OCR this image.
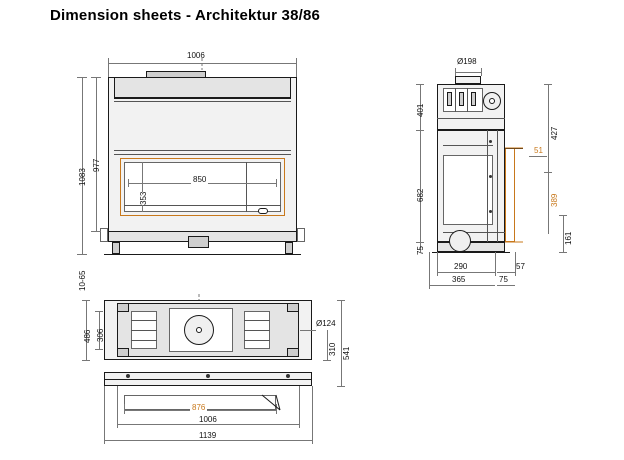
Dimension sheets - Architektur 38/86
1006
1083
977
10-65
850
353
Ø198
401
682
75
427
51
389
161
290	57
365	75
486 306
Ø124
310 541
876
1006
1139
